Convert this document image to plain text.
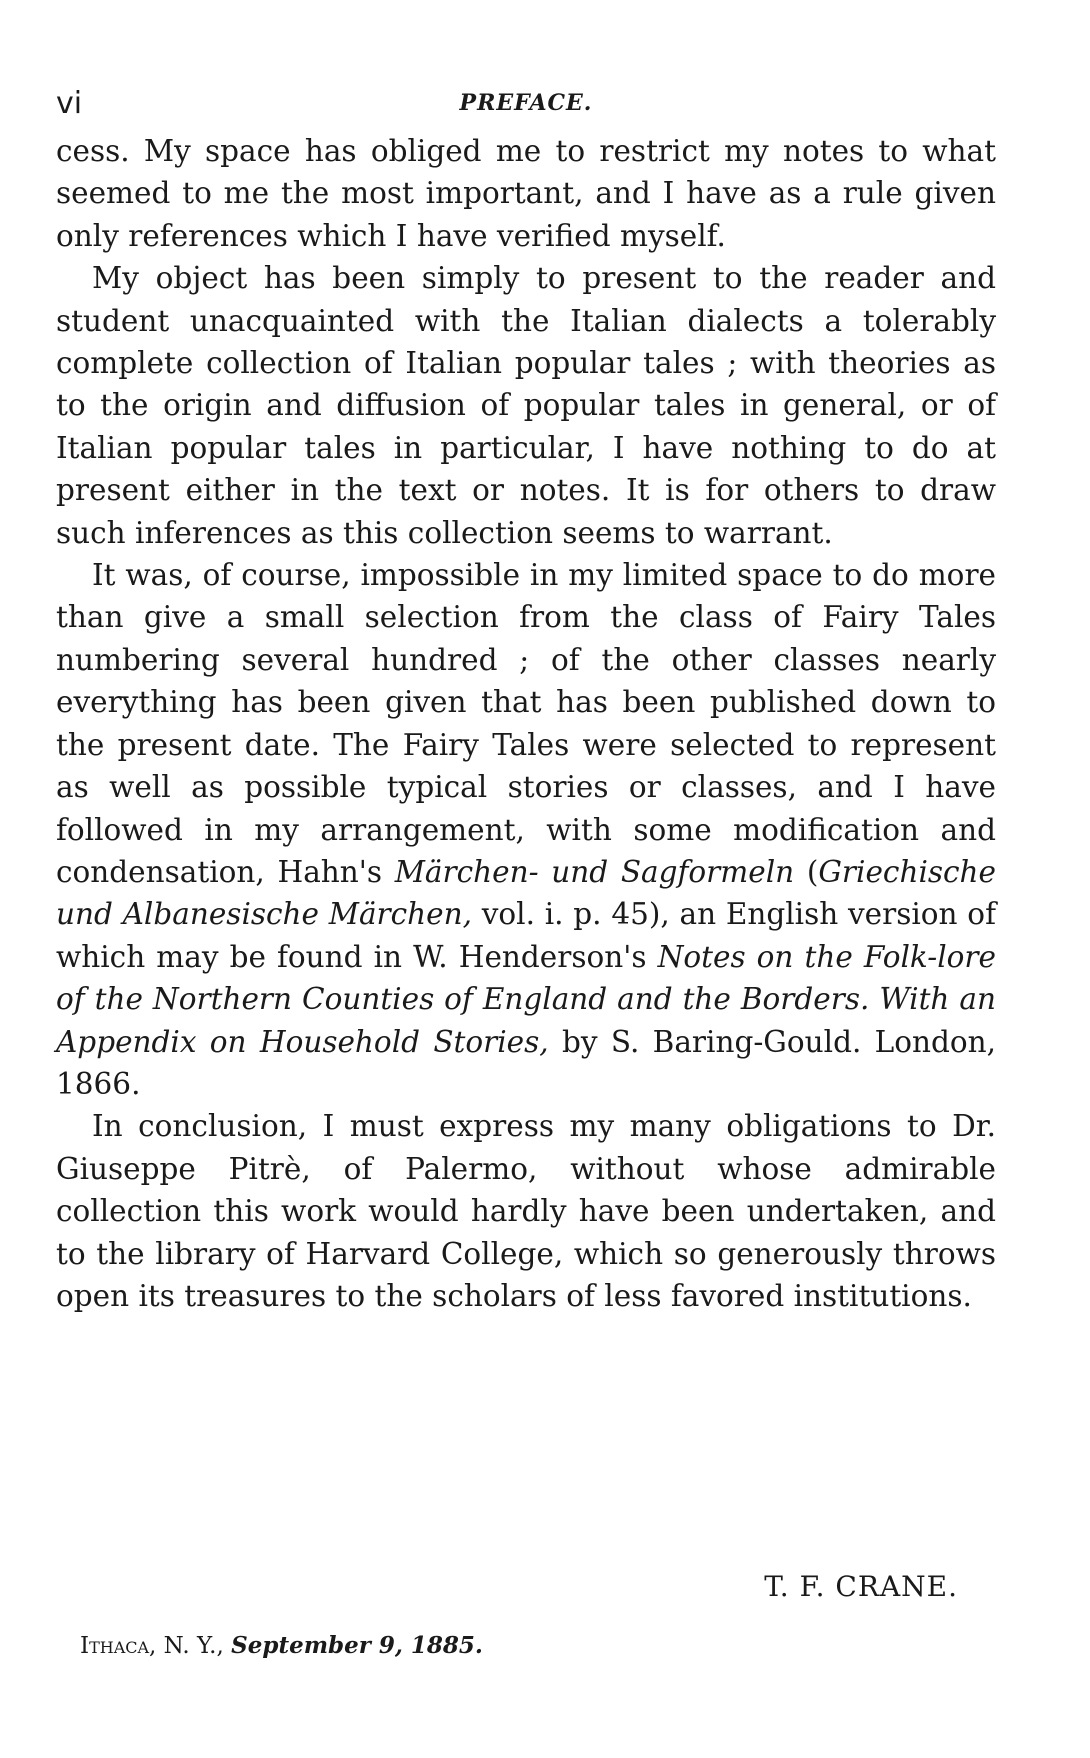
vi	PREFACE.

cess. My space has obliged me to restrict my notes to what seemed to me the most important, and I have as a rule given only references which I have verified myself.

My object has been simply to present to the reader and student unacquainted with the Italian dialects a tolerably complete collection of Italian popular tales ; with theories as to the origin and diffusion of popular tales in general, or of Italian popular tales in particular, I have nothing to do at present either in the text or notes. It is for others to draw such inferences as this collection seems to warrant.

It was, of course, impossible in my limited space to do more than give a small selection from the class of Fairy Tales numbering several hundred ; of the other classes nearly everything has been given that has been published down to the present date. The Fairy Tales were selected to represent as well as possible typical stories or classes, and I have followed in my arrangement, with some modification and condensation, Hahn's Märchen- und Sagformeln (Griechische und Albanesische Märchen, vol. i. p. 45), an English version of which may be found in W. Henderson's Notes on the Folk-lore of the Northern Counties of England and the Borders. With an Appendix on Household Stories, by S. Baring-Gould. London, 1866.

In conclusion, I must express my many obligations to Dr. Giuseppe Pitrè, of Palermo, without whose admirable collection this work would hardly have been undertaken, and to the library of Harvard College, which so generously throws open its treasures to the scholars of less favored institutions.

T. F. CRANE.
Ithaca, N. Y., September 9, 1885.
